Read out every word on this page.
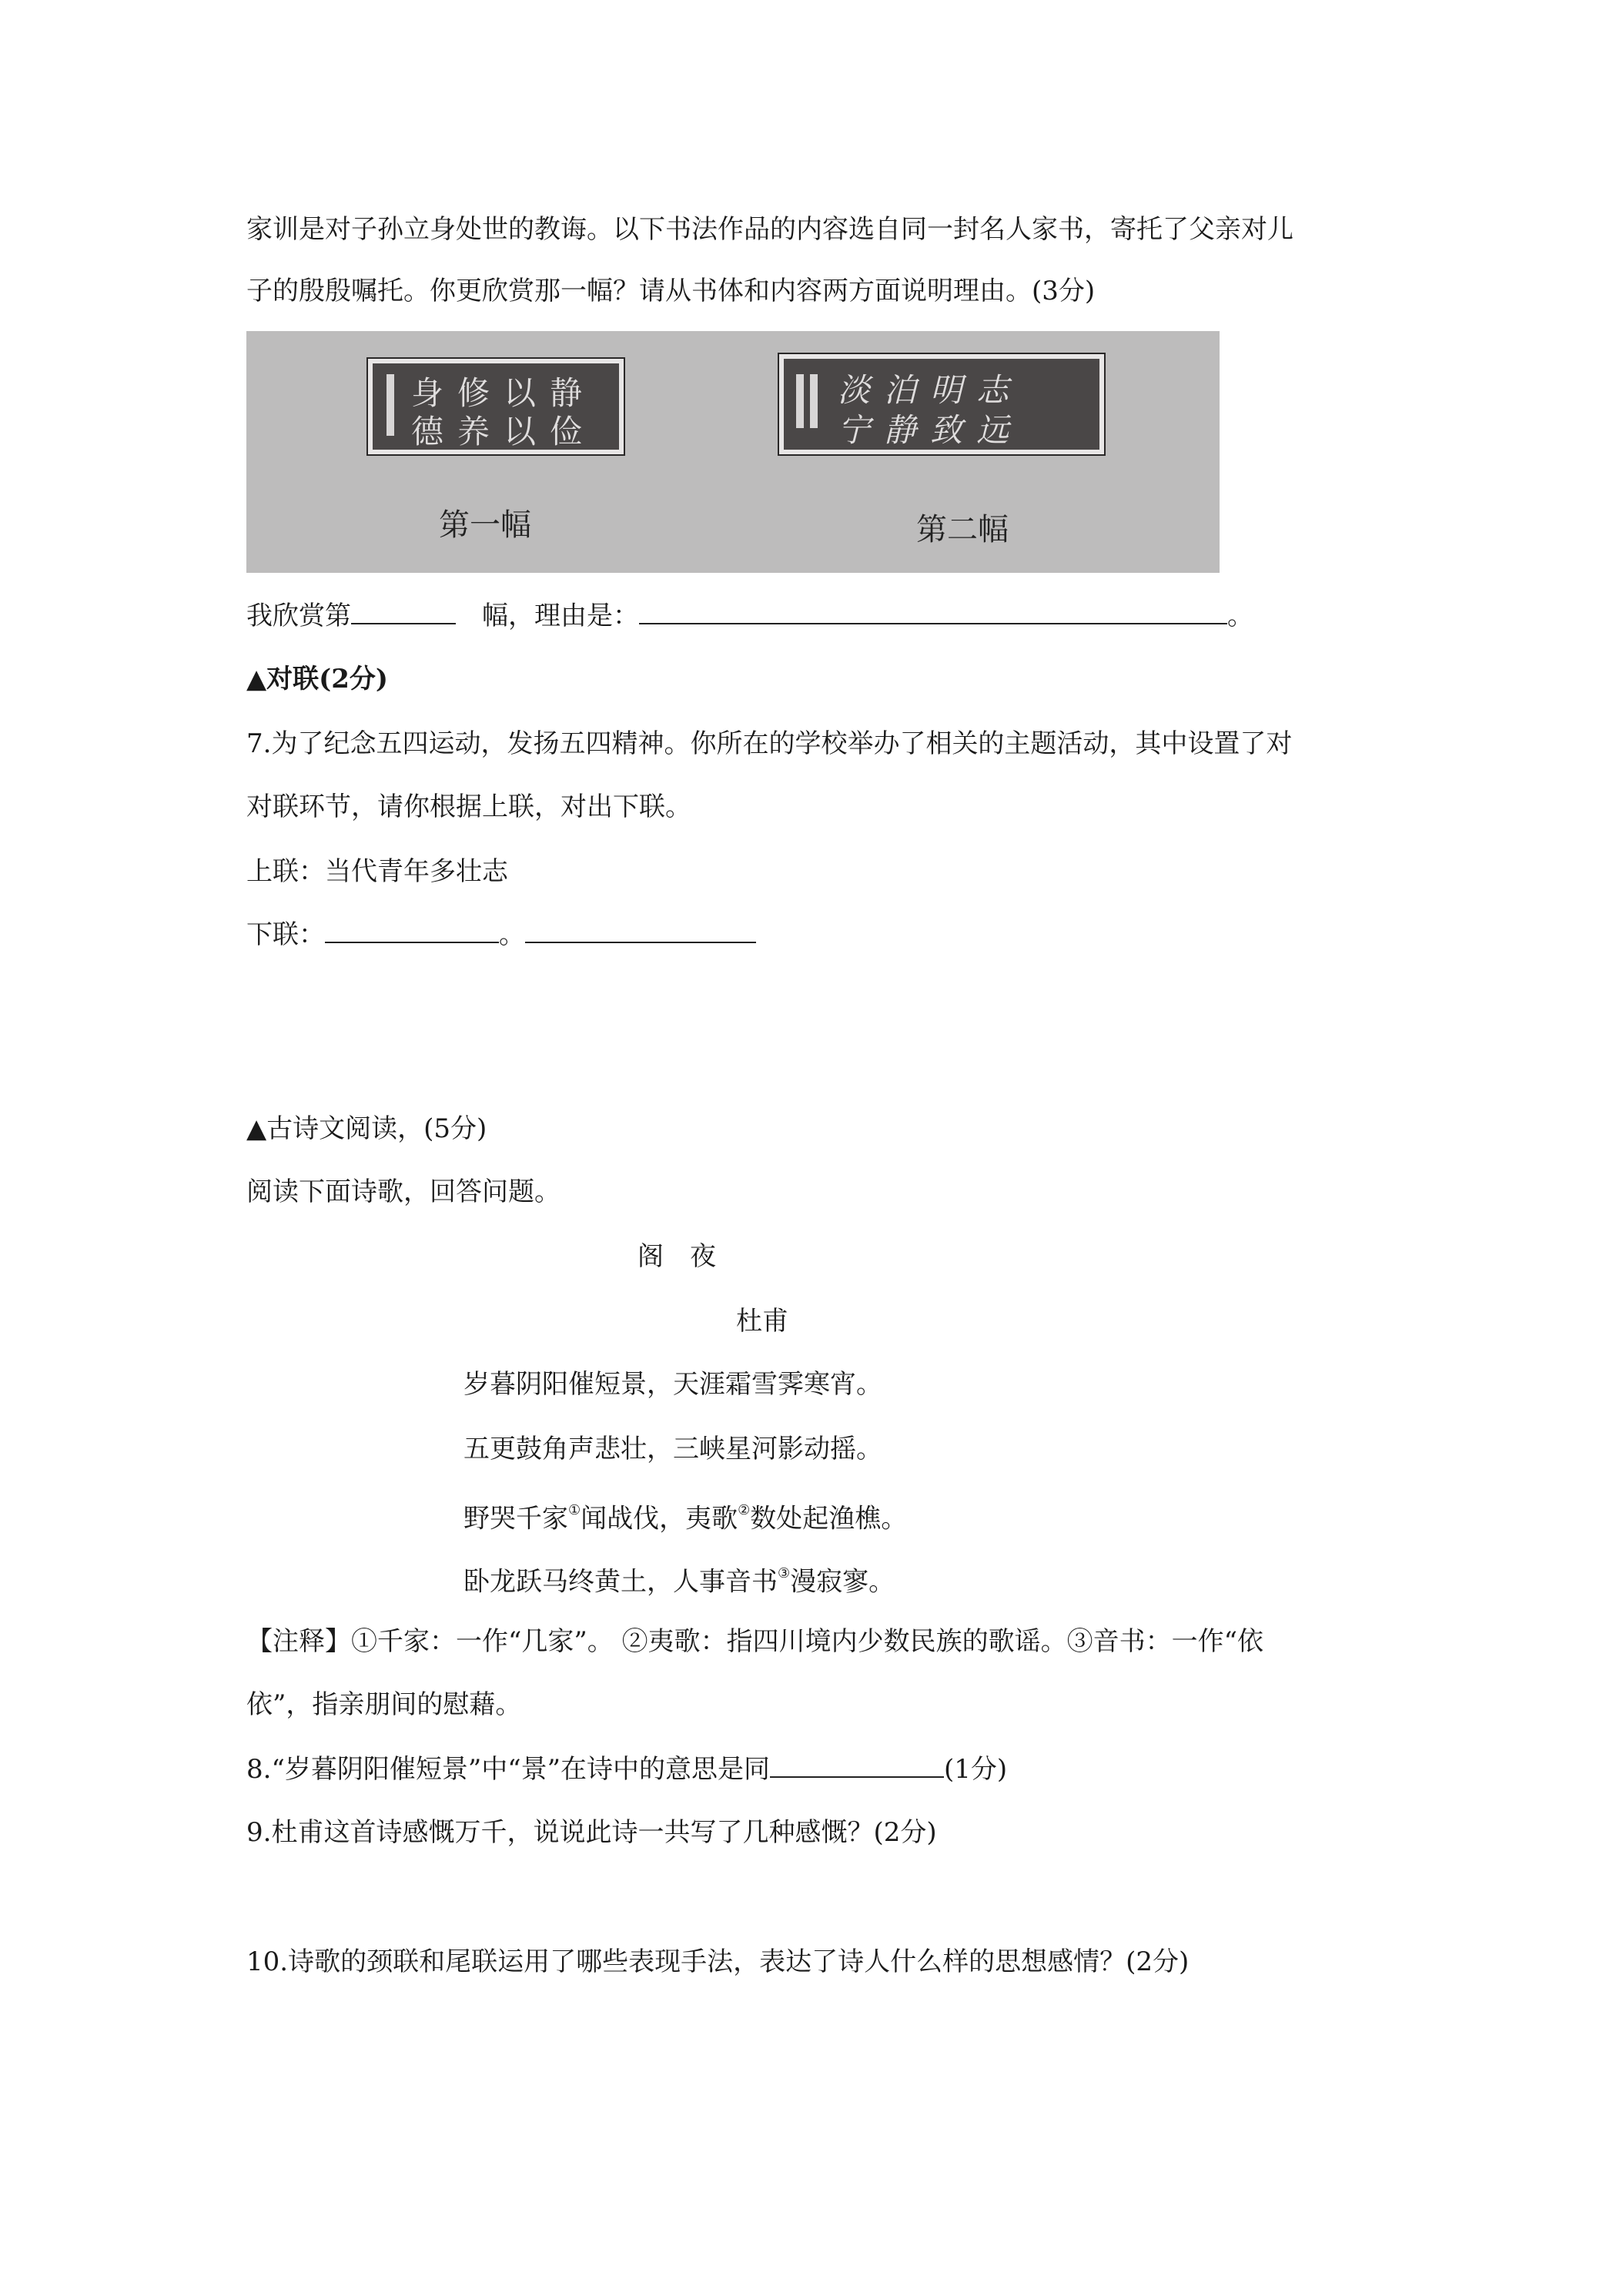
家训是对子孙立身处世的教诲。以下书法作品的内容选自同一封名人家书，寄托了父亲对儿
子的殷殷嘱托。你更欣赏那一幅？请从书体和内容两方面说明理由。(3分)
身修以静
德养以俭
第一幅
淡泊明志
宁静致远
第二幅
我欣赏第	幅，理由是：	。
▲对联(2分)
7.为了纪念五四运动，发扬五四精神。你所在的学校举办了相关的主题活动，其中设置了对
对联环节，请你根据上联，对出下联。
上联：当代青年多壮志
下联：	。
▲古诗文阅读，(5分)
阅读下面诗歌，回答问题。
阁　夜
杜甫
岁暮阴阳催短景，天涯霜雪霁寒宵。
五更鼓角声悲壮，三峡星河影动摇。
野哭千家①闻战伐，夷歌②数处起渔樵。
卧龙跃马终黄土，人事音书③漫寂寥。
【注释】①千家：一作“几家”。 ②夷歌：指四川境内少数民族的歌谣。③音书：一作“依
依”，指亲朋间的慰藉。
8.“岁暮阴阳催短景”中“景”在诗中的意思是同	(1分)
9.杜甫这首诗感慨万千，说说此诗一共写了几种感慨？(2分)
10.诗歌的颈联和尾联运用了哪些表现手法，表达了诗人什么样的思想感情？(2分)
